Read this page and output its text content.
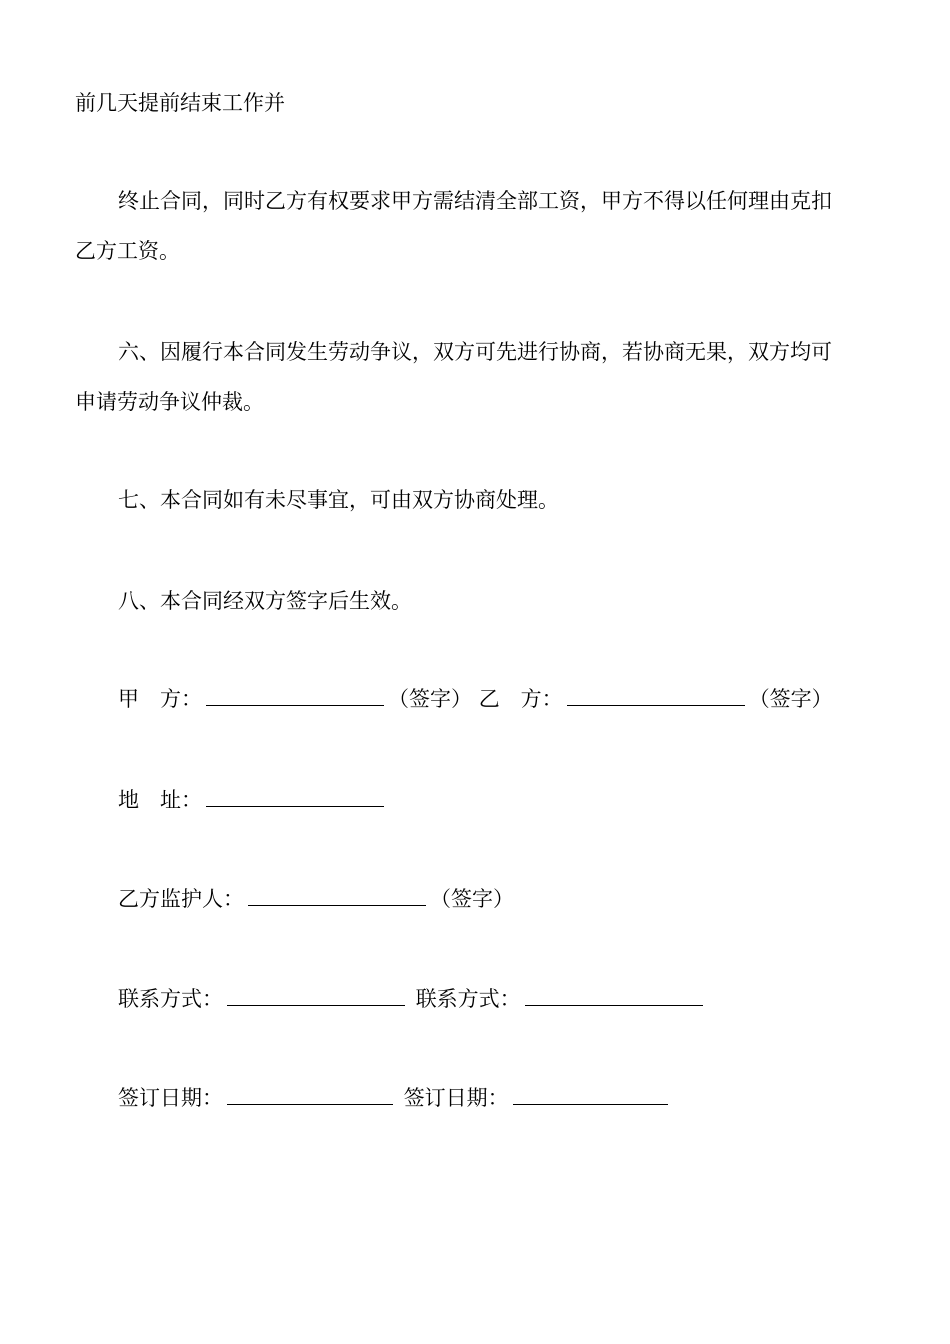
前几天提前结束工作并
终止合同，同时乙方有权要求甲方需结清全部工资，甲方不得以任何理由克扣
乙方工资。
六、因履行本合同发生劳动争议，双方可先进行协商，若协商无果，双方均可
申请劳动争议仲裁。
七、本合同如有未尽事宜，可由双方协商处理。
八、本合同经双方签字后生效。
甲　方：	（签字） 乙　方：	（签字）
地　址：
乙方监护人：	（签字）
联系方式：	联系方式：
签订日期：	签订日期：
